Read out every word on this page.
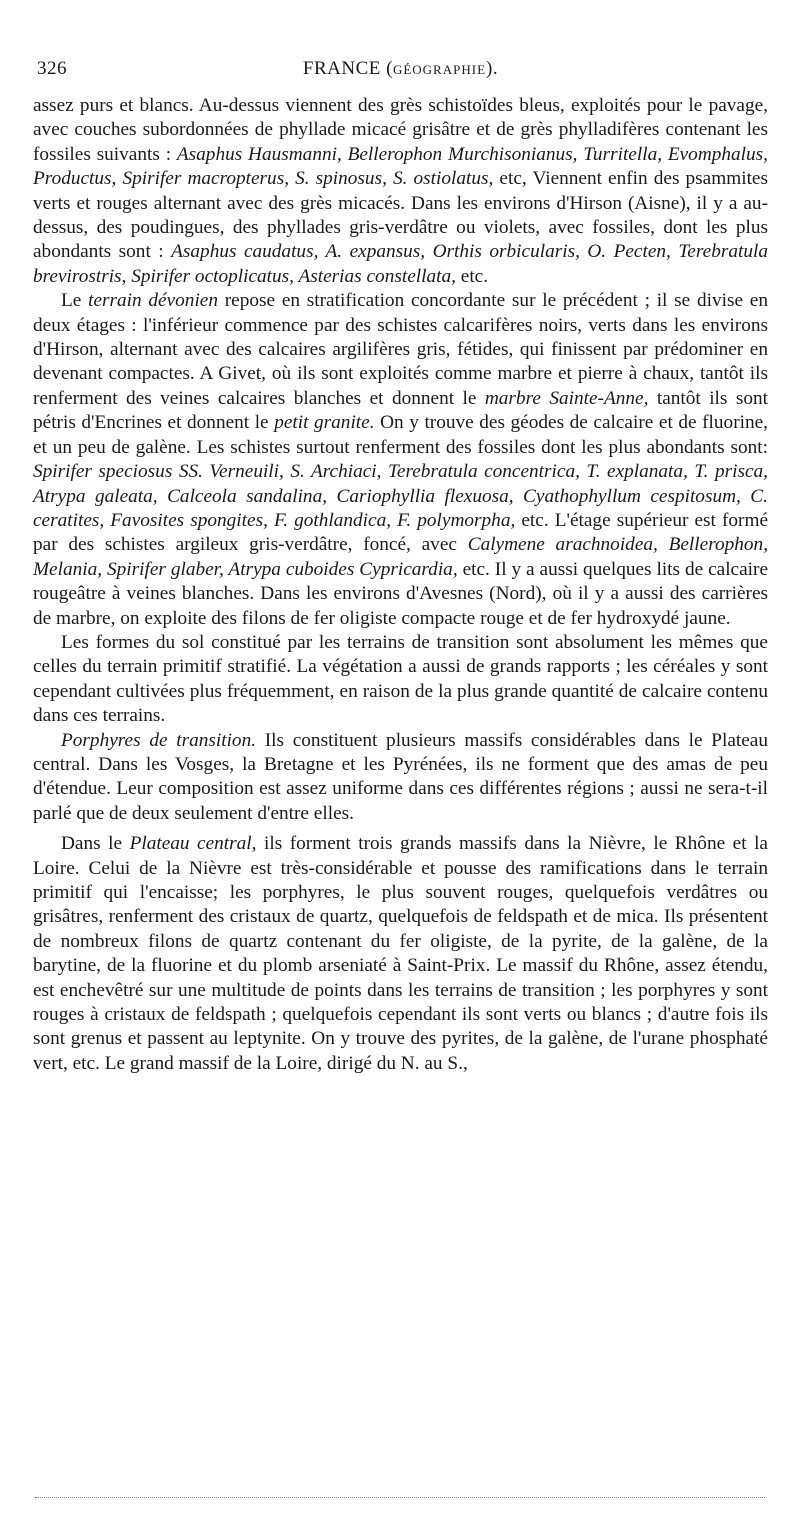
326	FRANCE (GÉOGRAPHIE).

assez purs et blancs. Au-dessus viennent des grès schistoïdes bleus, exploités pour le pavage, avec couches subordonnées de phyllade micacé grisâtre et de grès phylladifères contenant les fossiles suivants : Asaphus Hausmanni, Bellerophon Murchisonianus, Turritella, Evomphalus, Productus, Spirifer macropterus, S. spinosus, S. ostiolatus, etc, Viennent enfin des psammites verts et rouges alternant avec des grès micacés. Dans les environs d'Hirson (Aisne), il y a au-dessus, des poudingues, des phyllades gris-verdâtre ou violets, avec fossiles, dont les plus abondants sont : Asaphus caudatus, A. expansus, Orthis orbicularis, O. Pecten, Terebratula brevirostris, Spirifer octoplicatus, Asterias constellata, etc.

Le terrain dévonien repose en stratification concordante sur le précédent ; il se divise en deux étages : l'inférieur commence par des schistes calcarifères noirs, verts dans les environs d'Hirson, alternant avec des calcaires argilifères gris, fétides, qui finissent par prédominer en devenant compactes. A Givet, où ils sont exploités comme marbre et pierre à chaux, tantôt ils renferment des veines calcaires blanches et donnent le marbre Sainte-Anne, tantôt ils sont pétris d'Encrines et donnent le petit granite. On y trouve des géodes de calcaire et de fluorine, et un peu de galène. Les schistes surtout renferment des fossiles dont les plus abondants sont: Spirifer speciosus SS. Verneuili, S. Archiaci, Terebratula concentrica, T. explanata, T. prisca, Atrypa galeata, Calceola sandalina, Cariophyllia flexuosa, Cyathophyllum cespitosum, C. ceratites, Favosites spongites, F. gothlandica, F. polymorpha, etc. L'étage supérieur est formé par des schistes argileux gris-verdâtre, foncé, avec Calymene arachnoidea, Bellerophon, Melania, Spirifer glaber, Atrypa cuboides Cypricardia, etc. Il y a aussi quelques lits de calcaire rougeâtre à veines blanches. Dans les environs d'Avesnes (Nord), où il y a aussi des carrières de marbre, on exploite des filons de fer oligiste compacte rouge et de fer hydroxydé jaune.

Les formes du sol constitué par les terrains de transition sont absolument les mêmes que celles du terrain primitif stratifié. La végétation a aussi de grands rapports ; les céréales y sont cependant cultivées plus fréquemment, en raison de la plus grande quantité de calcaire contenu dans ces terrains.

Porphyres de transition. Ils constituent plusieurs massifs considérables dans le Plateau central. Dans les Vosges, la Bretagne et les Pyrénées, ils ne forment que des amas de peu d'étendue. Leur composition est assez uniforme dans ces différentes régions ; aussi ne sera-t-il parlé que de deux seulement d'entre elles.

Dans le Plateau central, ils forment trois grands massifs dans la Nièvre, le Rhône et la Loire. Celui de la Nièvre est très-considérable et pousse des ramifications dans le terrain primitif qui l'encaisse; les porphyres, le plus souvent rouges, quelquefois verdâtres ou grisâtres, renferment des cristaux de quartz, quelquefois de feldspath et de mica. Ils présentent de nombreux filons de quartz contenant du fer oligiste, de la pyrite, de la galène, de la barytine, de la fluorine et du plomb arseniaté à Saint-Prix. Le massif du Rhône, assez étendu, est enchevêtré sur une multitude de points dans les terrains de transition ; les porphyres y sont rouges à cristaux de feldspath ; quelquefois cependant ils sont verts ou blancs ; d'autre fois ils sont grenus et passent au leptynite. On y trouve des pyrites, de la galène, de l'urane phosphaté vert, etc. Le grand massif de la Loire, dirigé du N. au S.,
